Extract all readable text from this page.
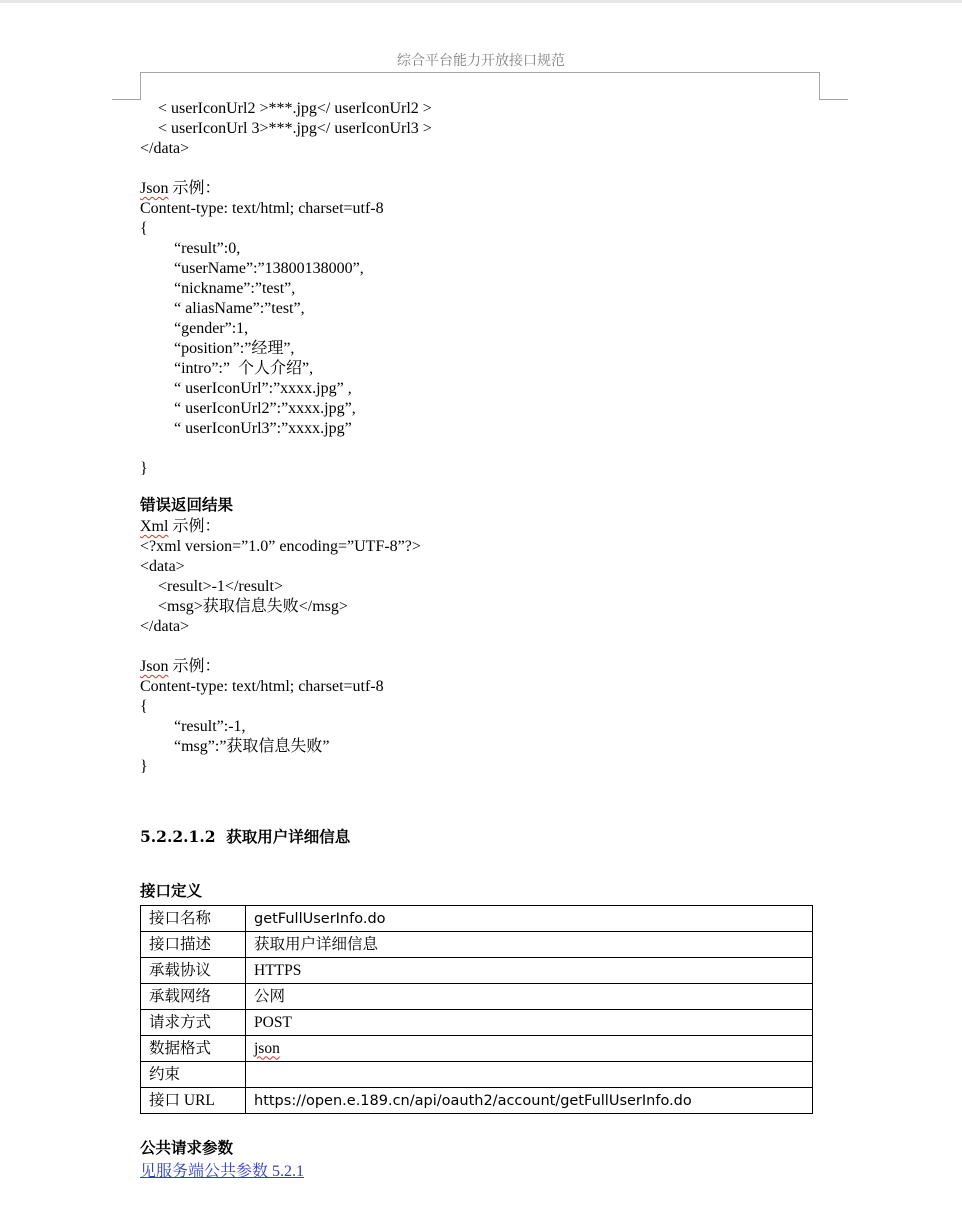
综合平台能力开放接口规范
< userIconUrl2 >***.jpg</ userIconUrl2 >
< userIconUrl 3>***.jpg</ userIconUrl3 >
</data>
Json 示例：
Content-type: text/html; charset=utf-8
{
“result”:0,
“userName”:”13800138000”,
“nickname”:”test”,
“ aliasName”:”test”,
“gender”:1,
“position”:”经理”,
“intro”:”  个人介绍”,
“ userIconUrl”:”xxxx.jpg” ,
“ userIconUrl2”:”xxxx.jpg”,
“ userIconUrl3”:”xxxx.jpg”
}
错误返回结果
Xml 示例：
<?xml version=”1.0” encoding=”UTF-8”?>
<data>
<result>-1</result>
<msg>获取信息失败</msg>
</data>
Json 示例：
Content-type: text/html; charset=utf-8
{
“result”:-1,
“msg”:”获取信息失败”
}
5.2.2.1.2  获取用户详细信息
接口定义
接口名称	getFullUserInfo.do
接口描述	获取用户详细信息
承载协议	HTTPS
承载网络	公网
请求方式	POST
数据格式	json
约束	
接口 URL	https://open.e.189.cn/api/oauth2/account/getFullUserInfo.do
公共请求参数
见服务端公共参数 5.2.1
